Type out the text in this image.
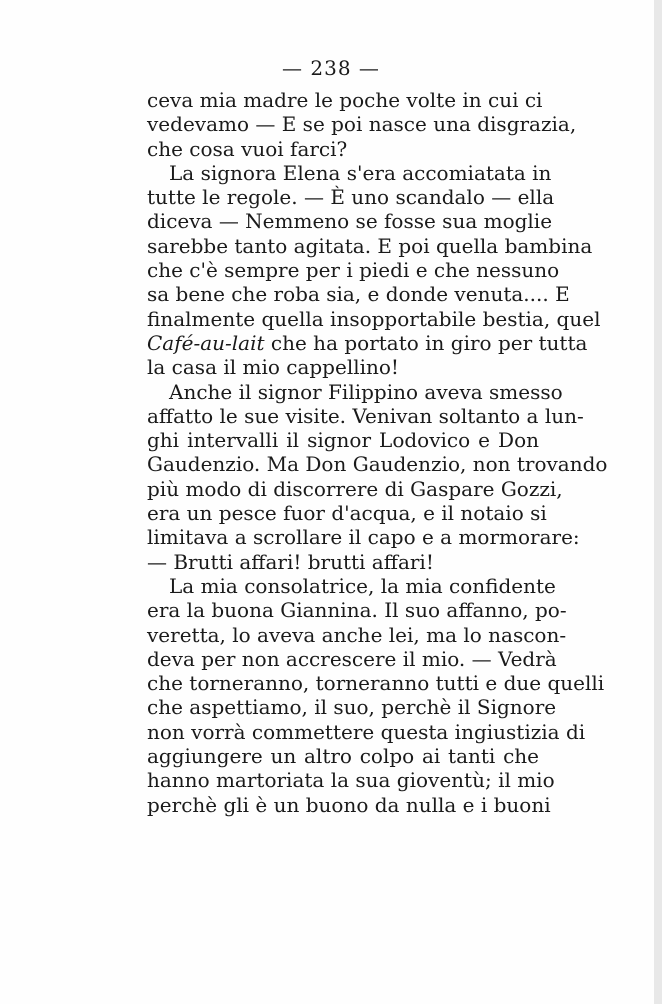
— 238 —
ceva mia madre le poche volte in cui ci
vedevamo — E se poi nasce una disgrazia,
che cosa vuoi farci?
La signora Elena s'era accomiatata in
tutte le regole. — È uno scandalo — ella
diceva — Nemmeno se fosse sua moglie
sarebbe tanto agitata. E poi quella bambina
che c'è sempre per i piedi e che nessuno
sa bene che roba sia, e donde venuta.... E
finalmente quella insopportabile bestia, quel
Café-au-lait che ha portato in giro per tutta
la casa il mio cappellino!
Anche il signor Filippino aveva smesso
affatto le sue visite. Venivan soltanto a lun-
ghi intervalli il signor Lodovico e Don
Gaudenzio. Ma Don Gaudenzio, non trovando
più modo di discorrere di Gaspare Gozzi,
era un pesce fuor d'acqua, e il notaio si
limitava a scrollare il capo e a mormorare:
— Brutti affari! brutti affari!
La mia consolatrice, la mia confidente
era la buona Giannina. Il suo affanno, po-
veretta, lo aveva anche lei, ma lo nascon-
deva per non accrescere il mio. — Vedrà
che torneranno, torneranno tutti e due quelli
che aspettiamo, il suo, perchè il Signore
non vorrà commettere questa ingiustizia di
aggiungere un altro colpo ai tanti che
hanno martoriata la sua gioventù; il mio
perchè gli è un buono da nulla e i buoni
